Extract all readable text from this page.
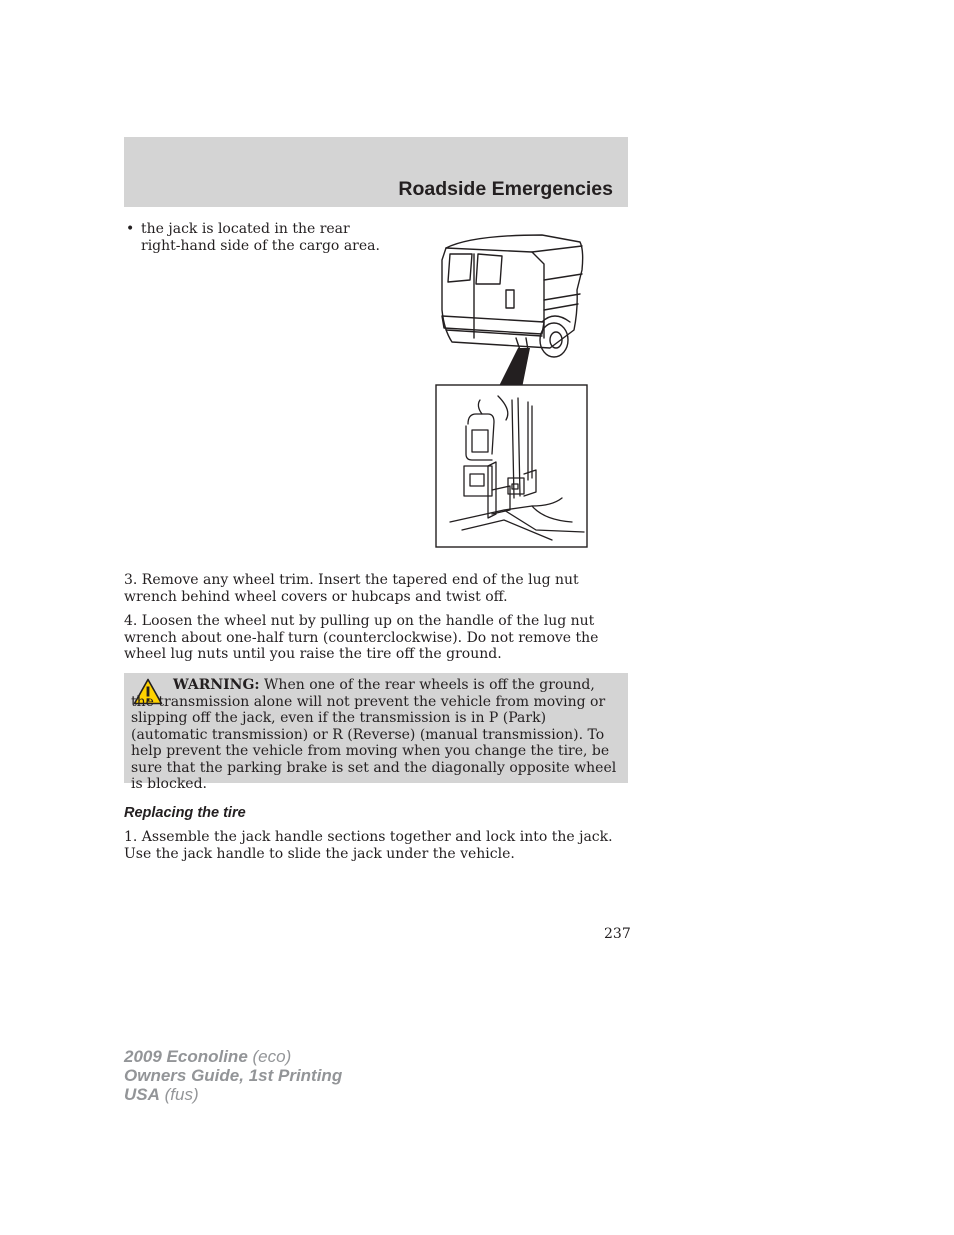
Roadside Emergencies
• the jack is located in the rear right-hand side of the cargo area.
3. Remove any wheel trim. Insert the tapered end of the lug nut wrench behind wheel covers or hubcaps and twist off.
4. Loosen the wheel nut by pulling up on the handle of the lug nut wrench about one-half turn (counterclockwise). Do not remove the wheel lug nuts until you raise the tire off the ground.
WARNING: When one of the rear wheels is off the ground, the transmission alone will not prevent the vehicle from moving or slipping off the jack, even if the transmission is in P (Park) (automatic transmission) or R (Reverse) (manual transmission). To help prevent the vehicle from moving when you change the tire, be sure that the parking brake is set and the diagonally opposite wheel is blocked.
Replacing the tire
1. Assemble the jack handle sections together and lock into the jack. Use the jack handle to slide the jack under the vehicle.
237
2009 Econoline (eco)
Owners Guide, 1st Printing
USA (fus)
